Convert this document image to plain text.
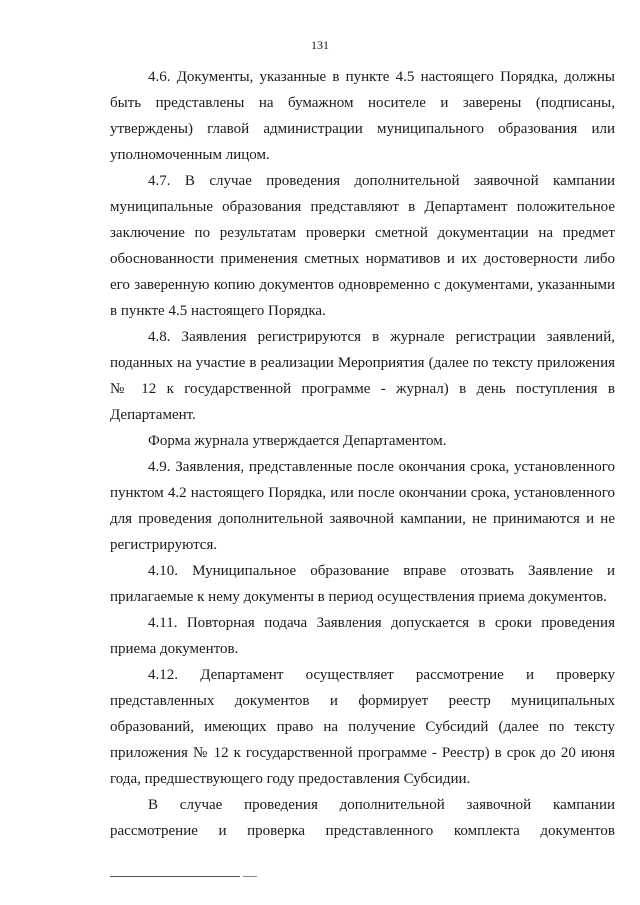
131

4.6. Документы, указанные в пункте 4.5 настоящего Порядка, должны быть представлены на бумажном носителе и заверены (подписаны, утверждены) главой администрации муниципального образования или уполномоченным лицом.

4.7. В случае проведения дополнительной заявочной кампании муниципальные образования представляют в Департамент положительное заключение по результатам проверки сметной документации на предмет обоснованности применения сметных нормативов и их достоверности либо его заверенную копию документов одновременно с документами, указанными в пункте 4.5 настоящего Порядка.

4.8. Заявления регистрируются в журнале регистрации заявлений, поданных на участие в реализации Мероприятия (далее по тексту приложения № 12 к государственной программе - журнал) в день поступления в Департамент.

Форма журнала утверждается Департаментом.

4.9. Заявления, представленные после окончания срока, установленного пунктом 4.2 настоящего Порядка, или после окончании срока, установленного для проведения дополнительной заявочной кампании, не принимаются и не регистрируются.

4.10. Муниципальное образование вправе отозвать Заявление и прилагаемые к нему документы в период осуществления приема документов.

4.11. Повторная подача Заявления допускается в сроки проведения приема документов.

4.12. Департамент осуществляет рассмотрение и проверку представленных документов и формирует реестр муниципальных образований, имеющих право на получение Субсидий (далее по тексту приложения № 12 к государственной программе - Реестр) в срок до 20 июня года, предшествующего году предоставления Субсидии.

В случае проведения дополнительной заявочной кампании рассмотрение и проверка представленного комплекта документов
